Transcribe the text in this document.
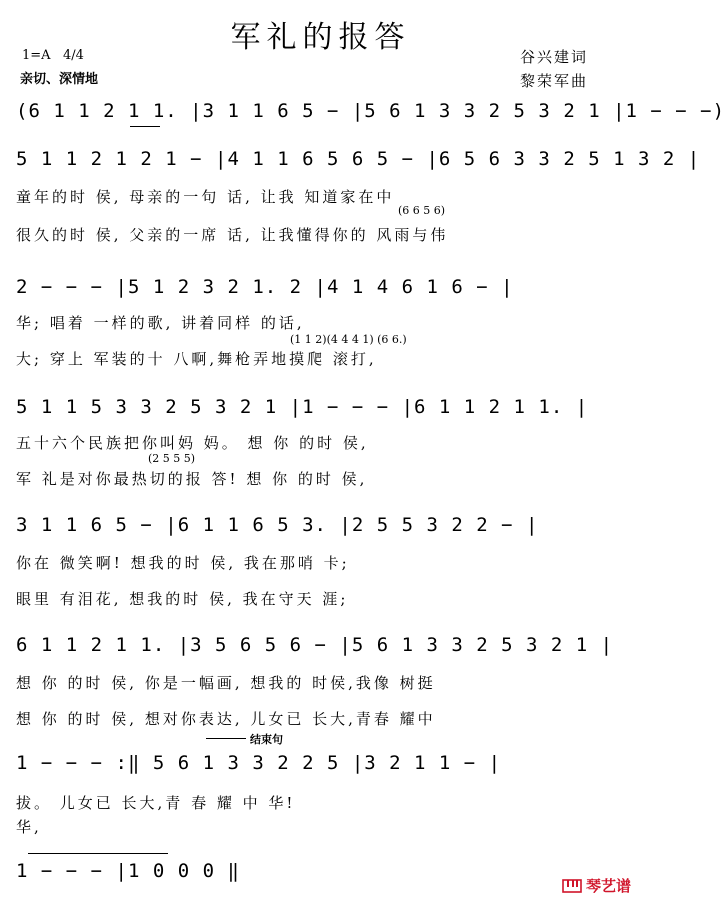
军礼的报答
1=A 4/4
亲切、深情地
谷兴建词
黎荣军曲
(6 1 1 2 1 1. |3 1 1 6 5 − |5 6 1 3 3 2 5 3 2 1 |1 − − −)
(6 6 5 6)
5 1 1 2 1 2 1 − |4 1 1 6 5 6 5 − |6 5 6 3 3 2 5 1 3 2 |
童年的时 侯, 母亲的一句 话, 让我 知道家在中
很久的时 侯, 父亲的一席 话, 让我懂得你的 风雨与伟
2 − − − |5 1 2 3 2 1. 2 |4 1 4 6 1 6 − |
华; 唱着 一样的歌, 讲着同样 的话,
(1 1 2)(4 4 4 1) (6 6.)
大; 穿上 军装的十 八啊,舞枪弄地摸爬 滚打,
5 1 1 5 3 3 2 5 3 2 1 |1 − − − |6 1 1 2 1 1. |
五十六个民族把你叫妈 妈。 想 你 的时 侯,
(2 5 5 5)
军 礼是对你最热切的报 答! 想 你 的时 侯,
3 1 1 6 5 − |6 1 1 6 5 3. |2 5 5 3 2 2 − |
你在 微笑啊! 想我的时 侯, 我在那哨 卡;
眼里 有泪花, 想我的时 侯, 我在守天 涯;
6 1 1 2 1 1. |3 5 6 5 6 − |5 6 1 3 3 2 5 3 2 1 |
想 你 的时 侯, 你是一幅画, 想我的 时侯,我像 树挺
想 你 的时 侯, 想对你表达, 儿女已 长大,青春 耀中
结束句
1 − − − :‖ 5 6 1 3 3 2 2 5 |3 2 1 1 − |
拔。 儿女已 长大,青 春 耀 中 华!
华,
1 − − − |1 0 0 0 ‖
琴艺谱
